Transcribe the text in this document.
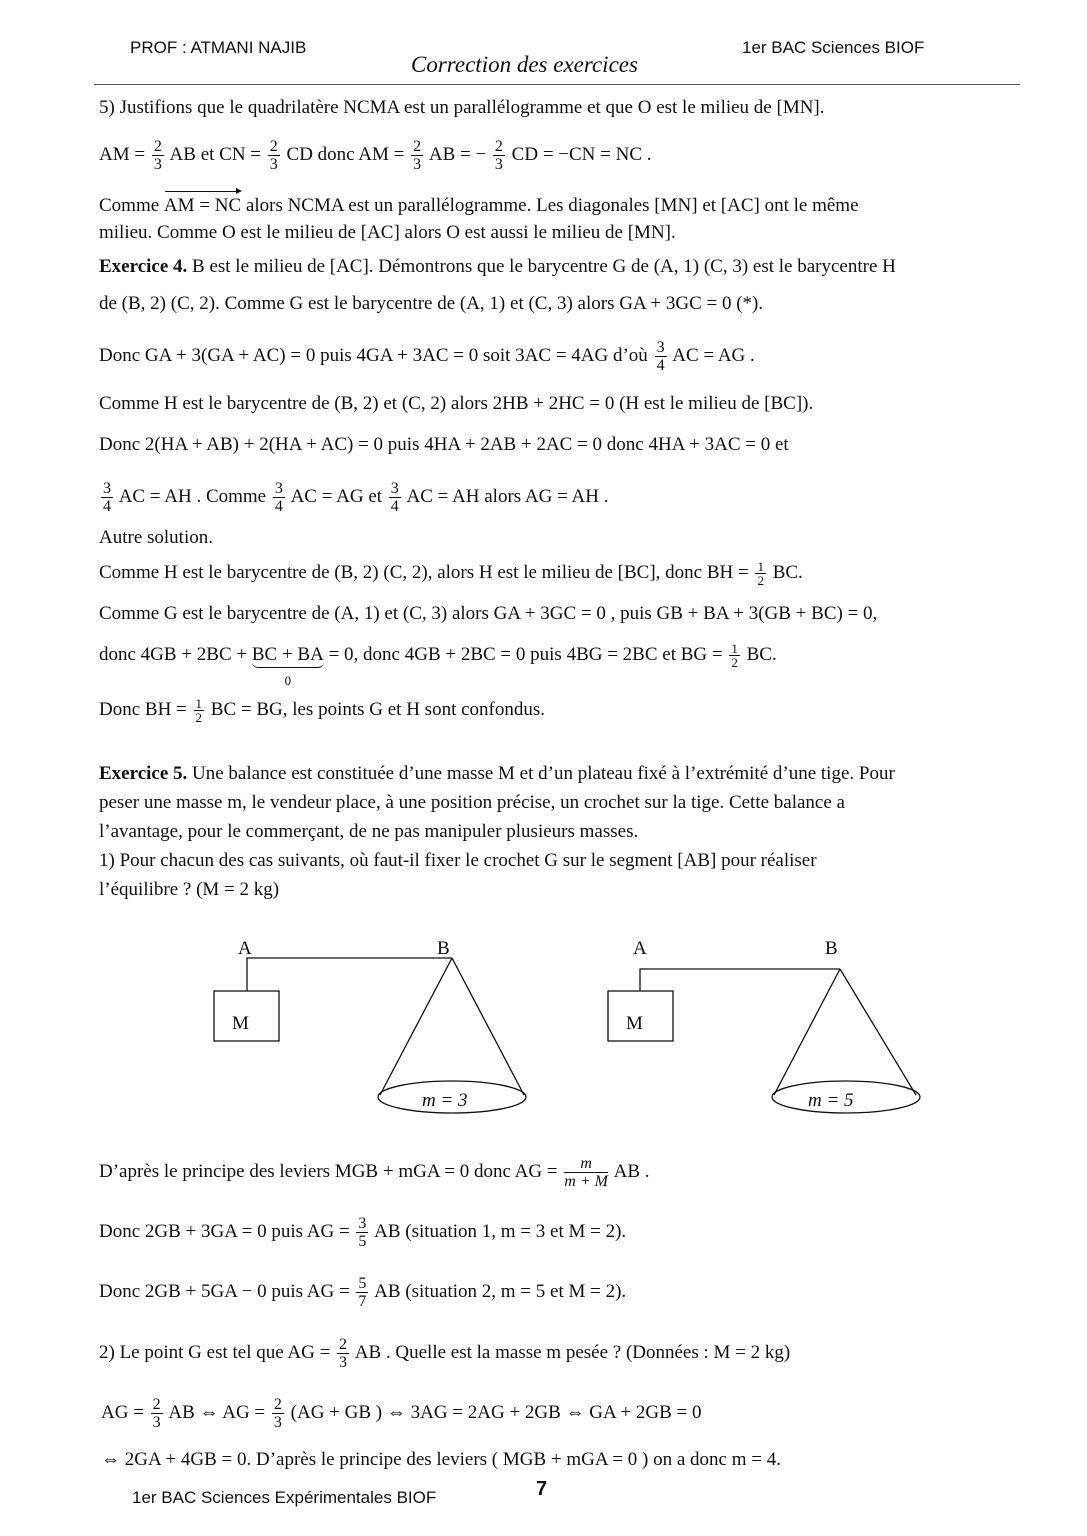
PROF : ATMANI NAJIB
Correction des exercices
1er BAC Sciences BIOF
5) Justifions que le quadrilatère NCMA est un parallélogramme et que O est le milieu de [MN].
AM = $\frac{2}{3}$ AB et CN = $\frac{2}{3}$ CD donc AM = $\frac{2}{3}$ AB = − $\frac{2}{3}$ CD = −CN = NC .
Comme AM = NC alors NCMA est un parallélogramme. Les diagonales [MN] et [AC] ont le même
milieu. Comme O est le milieu de [AC] alors O est aussi le milieu de [MN].
Exercice 4. B est le milieu de [AC]. Démontrons que le barycentre G de (A, 1) (C, 3) est le barycentre H
de (B, 2) (C, 2). Comme G est le barycentre de (A, 1) et (C, 3) alors GA + 3GC = 0 (*).
Donc GA + 3(GA + AC) = 0 puis 4GA + 3AC = 0 soit 3AC = 4AG d’où $\frac{3}{4}$ AC = AG .
Comme H est le barycentre de (B, 2) et (C, 2) alors 2HB + 2HC = 0 (H est le milieu de [BC]).
Donc 2(HA + AB) + 2(HA + AC) = 0 puis 4HA + 2AB + 2AC = 0 donc 4HA + 3AC = 0 et
$\frac{3}{4}$ AC = AH . Comme $\frac{3}{4}$ AC = AG et $\frac{3}{4}$ AC = AH alors AG = AH .
Autre solution.
Comme H est le barycentre de (B, 2) (C, 2), alors H est le milieu de [BC], donc BH = $\frac{1}{2}$ BC.
Comme G est le barycentre de (A, 1) et (C, 3) alors GA + 3GC = 0 , puis GB + BA + 3(GB + BC) = 0,
donc 4GB + 2BC + BC + BA
0
= 0, donc 4GB + 2BC = 0 puis 4BG = 2BC et BG = $\frac{1}{2}$ BC.
Donc BH = $\frac{1}{2}$ BC = BG, les points G et H sont confondus.
Exercice 5. Une balance est constituée d’une masse M et d’un plateau fixé à l’extrémité d’une tige. Pour
peser une masse m, le vendeur place, à une position précise, un crochet sur la tige. Cette balance a
l’avantage, pour le commerçant, de ne pas manipuler plusieurs masses.
1) Pour chacun des cas suivants, où faut-il fixer le crochet G sur le segment [AB] pour réaliser
l’équilibre ? (M = 2 kg)
A	B
M
m = 3
A	B
M
m = 5
D’après le principe des leviers MGB + mGA = 0 donc AG = $\frac{m}{m + M}$ AB .
Donc 2GB + 3GA = 0 puis AG = $\frac{3}{5}$ AB (situation 1, m = 3 et M = 2).
Donc 2GB + 5GA − 0 puis AG = $\frac{5}{7}$ AB (situation 2, m = 5 et M = 2).
2) Le point G est tel que AG = $\frac{2}{3}$ AB . Quelle est la masse m pesée ? (Données : M = 2 kg)
AG = $\frac{2}{3}$ AB ⇔ AG = $\frac{2}{3} (AG$ + GB ) ⇔ 3AG = 2AG + 2GB ⇔ GA + 2GB = 0
⇔ 2GA + 4GB = 0. D’après le principe des leviers ( MGB + mGA = 0 ) on a donc m = 4.
1er BAC Sciences Expérimentales BIOF	7
